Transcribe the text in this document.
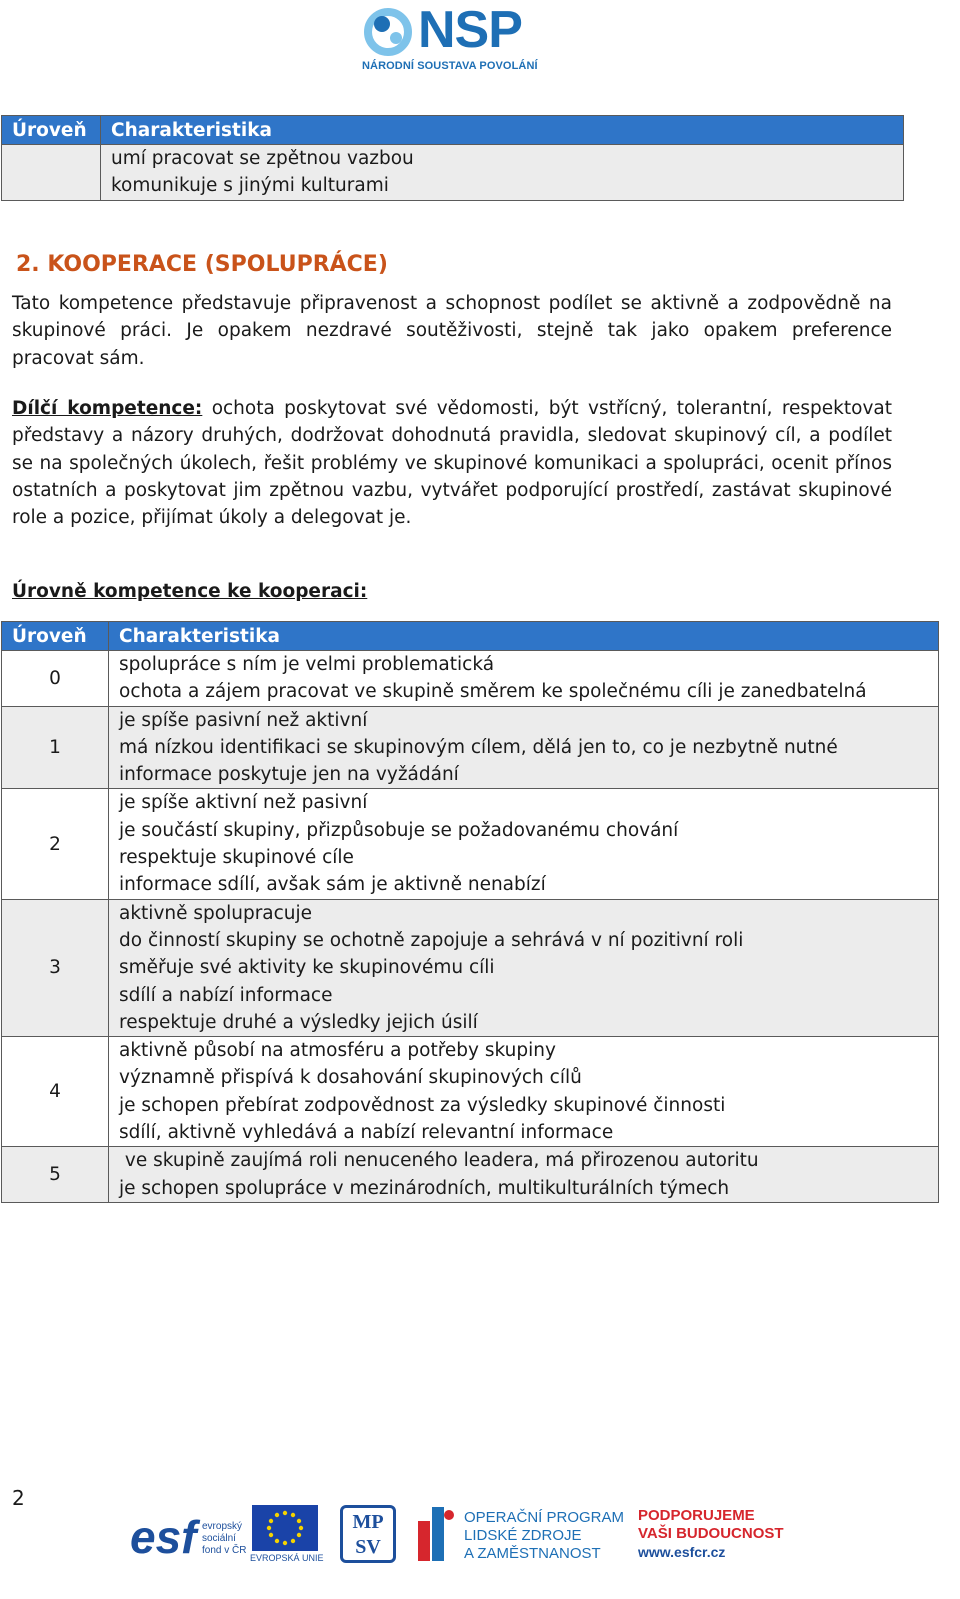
NSP
NÁRODNÍ SOUSTAVA POVOLÁNÍ
Úroveň	Charakteristika

	umí pracovat se zpětnou vazbou
komunikuje s jinými kulturami
2. KOOPERACE (SPOLUPRÁCE)
Tato kompetence představuje připravenost a schopnost podílet se aktivně a zodpovědně na skupinové práci. Je opakem nezdravé soutěživosti, stejně tak jako opakem preference pracovat sám.
Dílčí kompetence: ochota poskytovat své vědomosti, být vstřícný, tolerantní, respektovat představy a názory druhých, dodržovat dohodnutá pravidla, sledovat skupinový cíl, a podílet se na společných úkolech, řešit problémy ve skupinové komunikaci a spolupráci, ocenit přínos ostatních a poskytovat jim zpětnou vazbu, vytvářet podporující prostředí, zastávat skupinové role a pozice, přijímat úkoly a delegovat je.
Úrovně kompetence ke kooperaci:
Úroveň	Charakteristika
0	spolupráce s ním je velmi problematická
ochota a zájem pracovat ve skupině směrem ke společnému cíli je zanedbatelná

1	je spíše pasivní než aktivní
má nízkou identifikaci se skupinovým cílem, dělá jen to, co je nezbytně nutné
informace poskytuje jen na vyžádání

2	je spíše aktivní než pasivní
je součástí skupiny, přizpůsobuje se požadovanému chování
respektuje skupinové cíle
informace sdílí, avšak sám je aktivně nenabízí

3	aktivně spolupracuje
do činností skupiny se ochotně zapojuje a sehrává v ní pozitivní roli
směřuje své aktivity ke skupinovému cíli
sdílí a nabízí informace
respektuje druhé a výsledky jejich úsilí

4	aktivně působí na atmosféru a potřeby skupiny
významně přispívá k dosahování skupinových cílů
je schopen přebírat zodpovědnost za výsledky skupinové činnosti
sdílí, aktivně vyhledává a nabízí relevantní informace

5	ve skupině zaujímá roli nenuceného leadera, má přirozenou autoritu
je schopen spolupráce v mezinárodních, multikulturálních týmech
2
esf evropský
sociální
fond v ČR
EVROPSKÁ UNIE
MP
SV
OPERAČNÍ PROGRAM
LIDSKÉ ZDROJE
A ZAMĚSTNANOST
PODPORUJEME
VAŠI BUDOUCNOST
www.esfcr.cz
